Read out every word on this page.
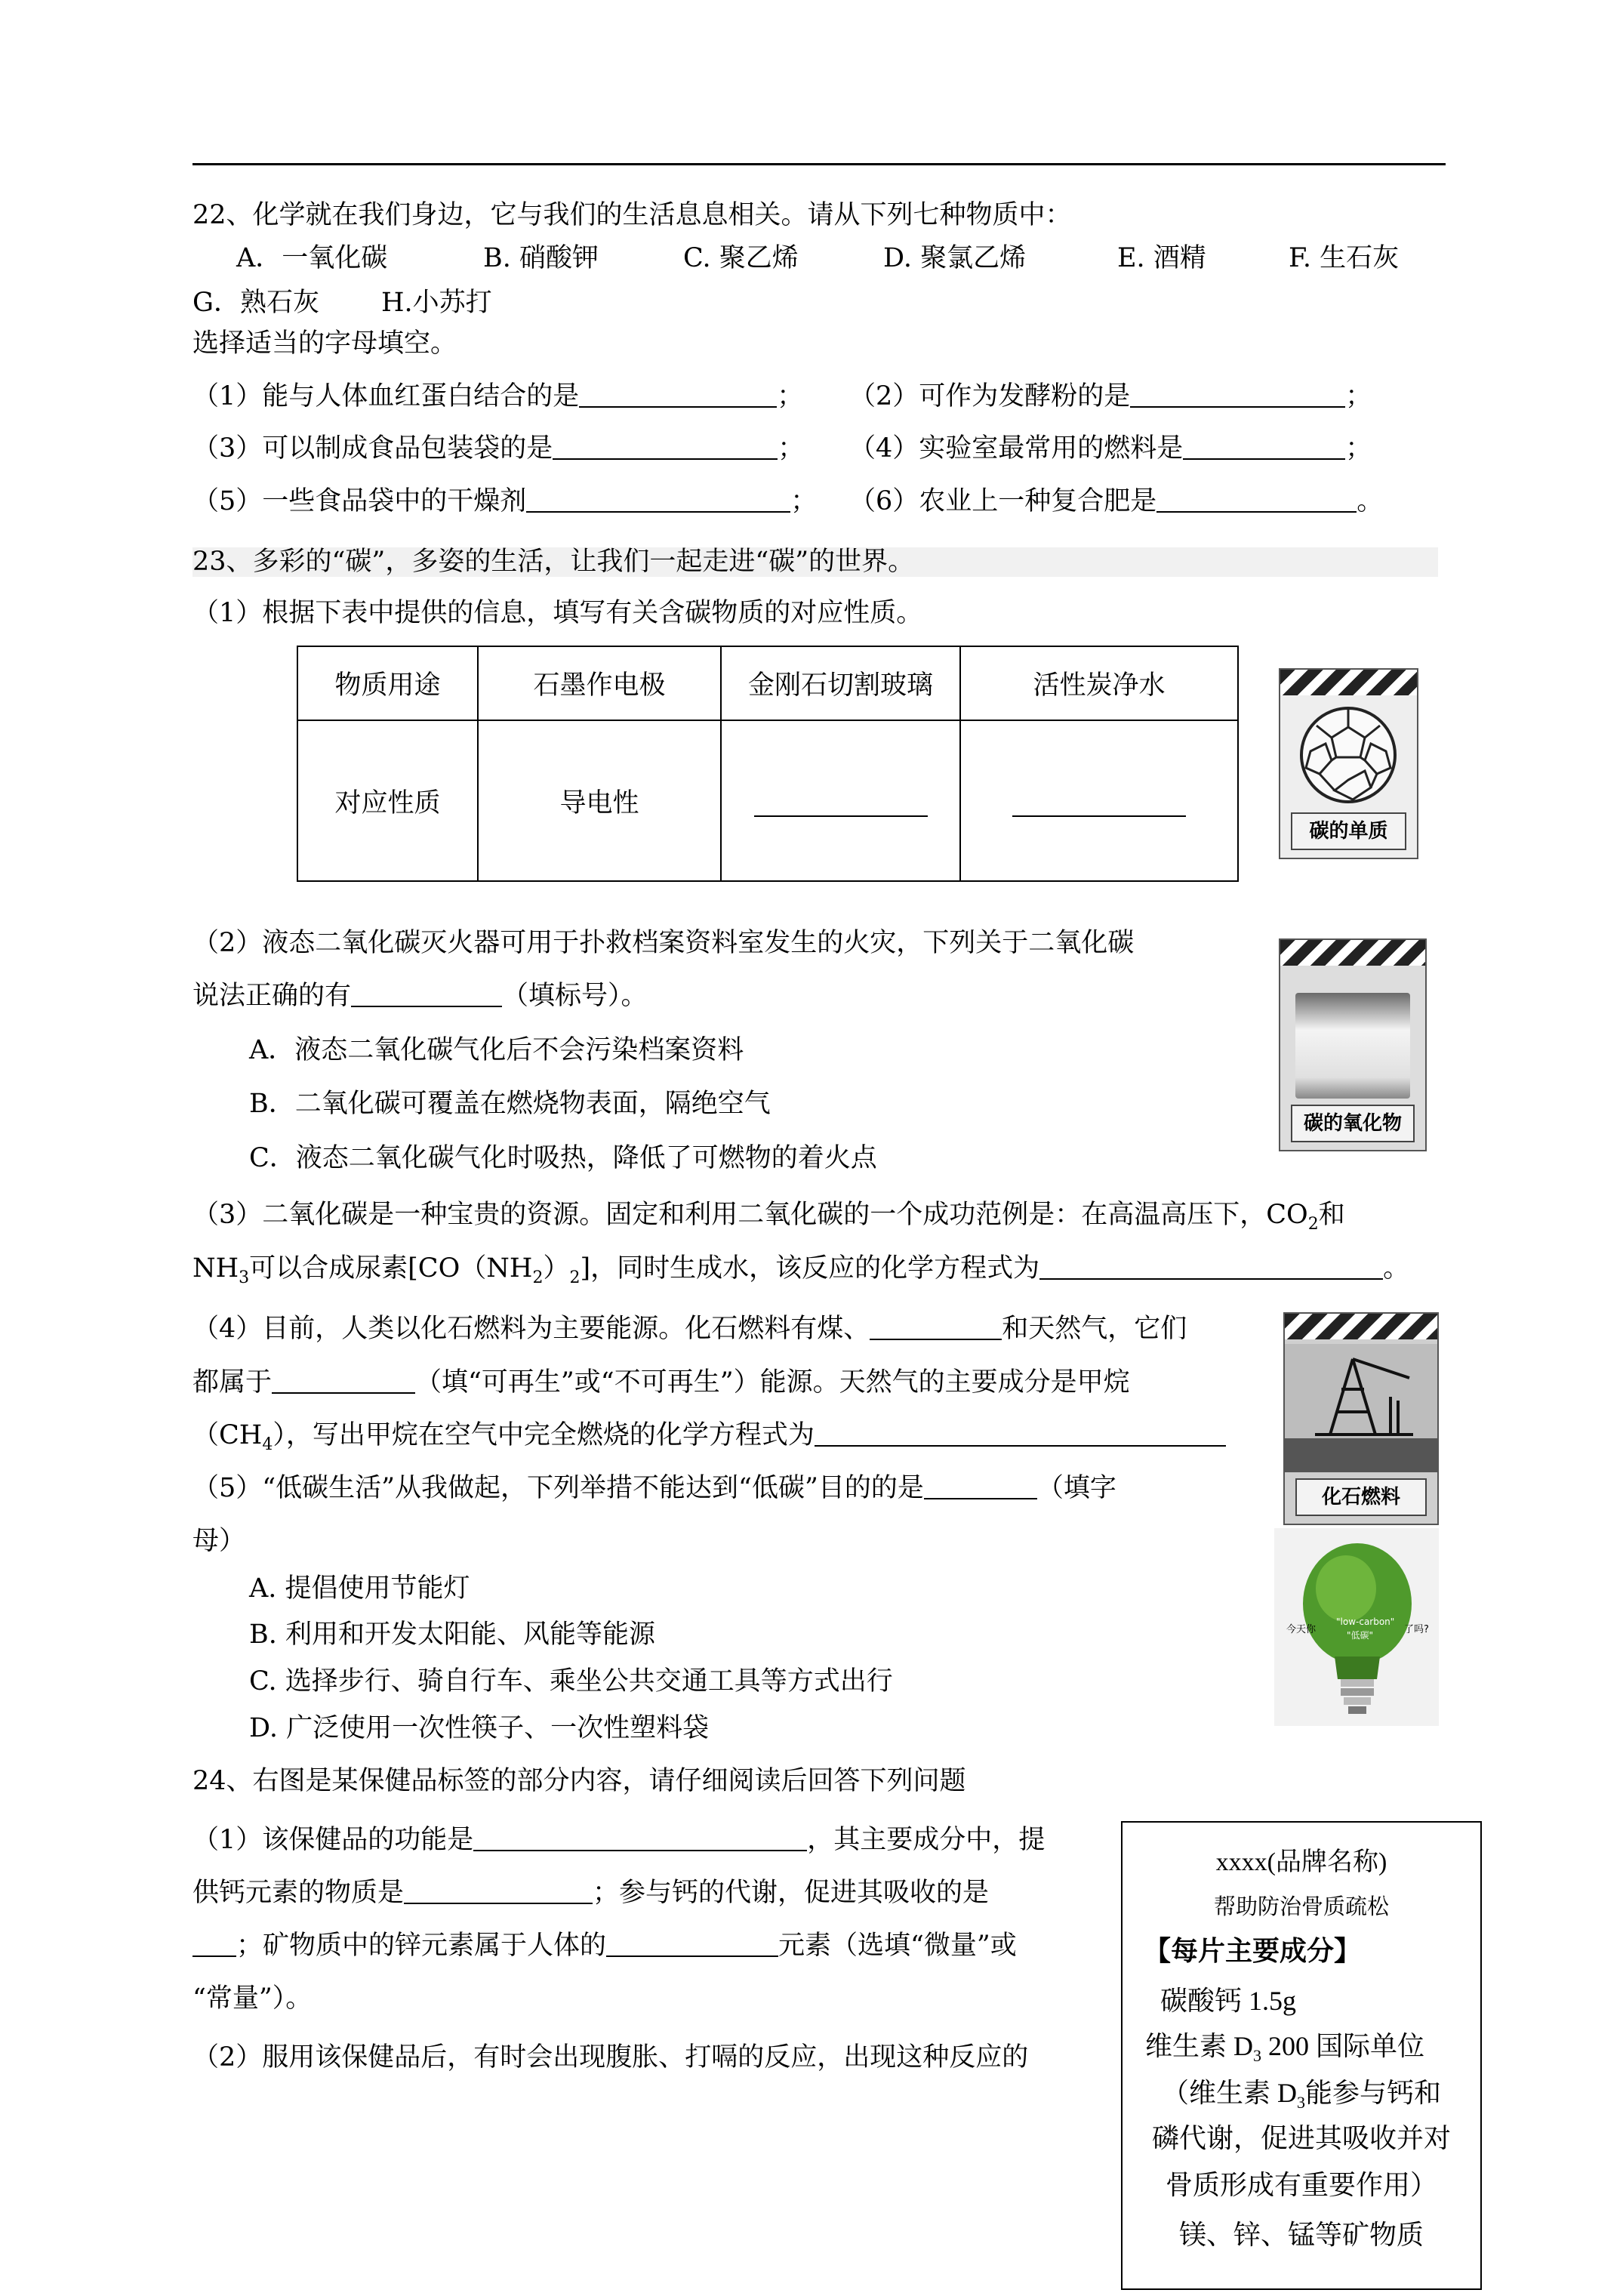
22、化学就在我们身边，它与我们的生活息息相关。请从下列七种物质中：
A．一氧化碳	B. 硝酸钾	C. 聚乙烯	D. 聚氯乙烯	E. 酒精	F. 生石灰
G．熟石灰 H.小苏打
选择适当的字母填空。
（1）能与人体血红蛋白结合的是	； （2）可作为发酵粉的是	；
（3）可以制成食品包装袋的是	； （4）实验室最常用的燃料是	；
（5）一些食品袋中的干燥剂	； （6）农业上一种复合肥是	。
23、多彩的“碳”，多姿的生活，让我们一起走进“碳”的世界。
（1）根据下表中提供的信息，填写有关含碳物质的对应性质。
物质用途	石墨作电极	金刚石切割玻璃	活性炭净水
对应性质	导电性		
碳的单质
（2）液态二氧化碳灭火器可用于扑救档案资料室发生的火灾，下列关于二氧化碳
说法正确的有	（填标号）。
A．液态二氧化碳气化后不会污染档案资料
B．二氧化碳可覆盖在燃烧物表面，隔绝空气
C．液态二氧化碳气化时吸热，降低了可燃物的着火点
碳的氧化物
（3）二氧化碳是一种宝贵的资源。固定和利用二氧化碳的一个成功范例是：在高温高压下，$CO_2$和
$NH_3$可以合成尿素$[CO(NH_2)_2]$，同时生成水，该反应的化学方程式为	。
（4）目前，人类以化石燃料为主要能源。化石燃料有煤、	和天然气，它们
都属于	（填“可再生”或“不可再生”）能源。天然气的主要成分是甲烷
$(CH_4)$，写出甲烷在空气中完全燃烧的化学方程式为
化石燃料
（5）“低碳生活”从我做起，下列举措不能达到“低碳”目的的是	（填字
母）
A. 提倡使用节能灯
B. 利用和开发太阳能、风能等能源
C. 选择步行、骑自行车、乘坐公共交通工具等方式出行
D. 广泛使用一次性筷子、一次性塑料袋
今天你
"low-carbon"
"低碳"	了吗?
24、右图是某保健品标签的部分内容，请仔细阅读后回答下列问题
（1）该保健品的功能是	，其主要成分中，提
供钙元素的物质是	；参与钙的代谢，促进其吸收的是
；矿物质中的锌元素属于人体的	元素（选填“微量”或
“常量”）。
（2）服用该保健品后，有时会出现腹胀、打嗝的反应，出现这种反应的
xxxx(品牌名称)
帮助防治骨质疏松
【每片主要成分】
碳酸钙 1.5g
维生素 $D_3$ 200 国际单位
（维生素 $D_3$能参与钙和
磷代谢，促进其吸收并对
骨质形成有重要作用）
镁、锌、锰等矿物质
